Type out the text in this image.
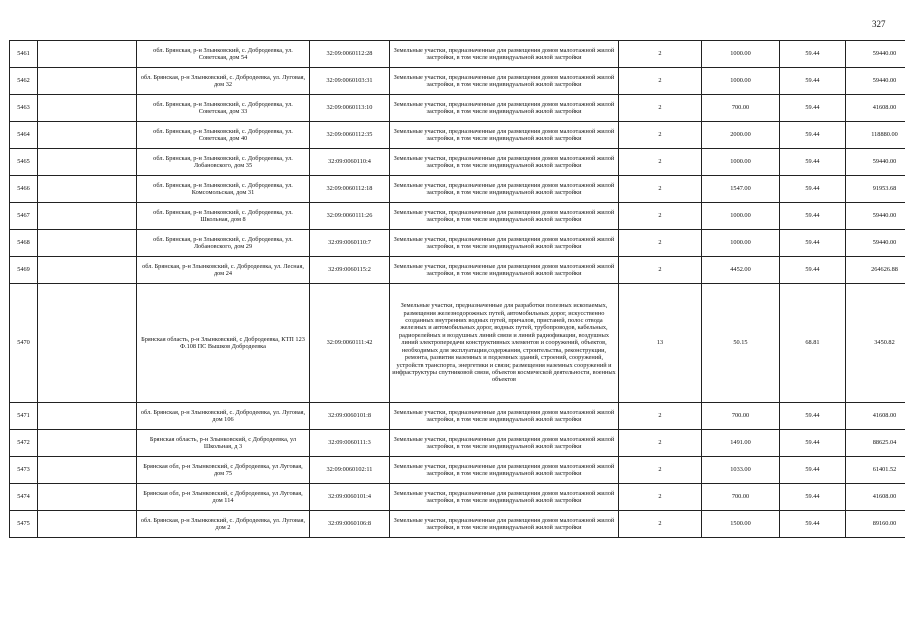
327
5461		обл. Брянская, р-н Злынковский, с. Добродеевка, ул. Советская, дом 54	32:09:0060112:28	Земельные участки, предназначенные для размещения домов малоэтажной жилой застройки, в том числе индивидуальной жилой застройки	2	1000.00	59.44	59440.00
5462		обл. Брянская, р-н Злынковский, с. Добродеевка, ул. Луговая, дом 32	32:09:0060103:31	Земельные участки, предназначенные для размещения домов малоэтажной жилой застройки, в том числе индивидуальной жилой застройки	2	1000.00	59.44	59440.00
5463		обл. Брянская, р-н Злынковский, с. Добродеевка, ул. Советская, дом 33	32:09:0060113:10	Земельные участки, предназначенные для размещения домов малоэтажной жилой застройки, в том числе индивидуальной жилой застройки	2	700.00	59.44	41608.00
5464		обл. Брянская, р-н Злынковский, с. Добродеевка, ул. Советская, дом 40	32:09:0060112:35	Земельные участки, предназначенные для размещения домов малоэтажной жилой застройки, в том числе индивидуальной жилой застройки	2	2000.00	59.44	118880.00
5465		обл. Брянская, р-н Злынковский, с. Добродеевка, ул. Лобановского, дом 35	32:09:0060110:4	Земельные участки, предназначенные для размещения домов малоэтажной жилой застройки, в том числе индивидуальной жилой застройки	2	1000.00	59.44	59440.00
5466		обл. Брянская, р-н Злынковский, с. Добродеевка, ул. Комсомольская, дом 31	32:09:0060112:18	Земельные участки, предназначенные для размещения домов малоэтажной жилой застройки, в том числе индивидуальной жилой застройки	2	1547.00	59.44	91953.68
5467		обл. Брянская, р-н Злынковский, с. Добродеевка, ул. Школьная, дом 8	32:09:0060111:26	Земельные участки, предназначенные для размещения домов малоэтажной жилой застройки, в том числе индивидуальной жилой застройки	2	1000.00	59.44	59440.00
5468		обл. Брянская, р-н Злынковский, с. Добродеевка, ул. Лобановского, дом 29	32:09:0060110:7	Земельные участки, предназначенные для размещения домов малоэтажной жилой застройки, в том числе индивидуальной жилой застройки	2	1000.00	59.44	59440.00
5469		обл. Брянская, р-н Злынковский, с. Добродеевка, ул. Лесная, дом 24	32:09:0060115:2	Земельные участки, предназначенные для размещения домов малоэтажной жилой застройки, в том числе индивидуальной жилой застройки	2	4452.00	59.44	264626.88
5470		Брянская область, р-н Злынковский, с Добродеевка, КТП 123 Ф.108 ПС Вышков Добродеевка	32:09:0060111:42	Земельные участки, предназначенные для разработки полезных ископаемых, размещения железнодорожных путей, автомобильных дорог, искусственно созданных внутренних водных путей, причалов, пристаней, полос отвода железных и автомобильных дорог, водных путей, трубопроводов, кабельных, радиорелейных и воздушных линий связи и линий радиофикации, воздушных линий электропередачи конструктивных элементов и сооружений, объектов, необходимых для эксплуатации,содержания, строительства, реконструкции, ремонта, развития наземных и подземных зданий, строений, сооружений, устройств транспорта, энергетики и связи; размещения наземных сооружений и инфраструктуры спутниковой связи, объектов космической деятельности, военных объектов	13	50.15	68.81	3450.82
5471		обл. Брянская, р-н Злынковский, с. Добродеевка, ул. Луговая, дом 106	32:09:0060101:8	Земельные участки, предназначенные для размещения домов малоэтажной жилой застройки, в том числе индивидуальной жилой застройки	2	700.00	59.44	41608.00
5472		Брянская область, р-н Злынковский, с Добродеевка, ул Школьная, д 3	32:09:0060111:3	Земельные участки, предназначенные для размещения домов малоэтажной жилой застройки, в том числе индивидуальной жилой застройки	2	1491.00	59.44	88625.04
5473		Брянская обл, р-н Злынковский, с Добродеевка, ул Луговая, дом 75	32:09:0060102:11	Земельные участки, предназначенные для размещения домов малоэтажной жилой застройки, в том числе индивидуальной жилой застройки	2	1033.00	59.44	61401.52
5474		Брянская обл, р-н Злынковский, с Добродеевка, ул Луговая, дом 114	32:09:0060101:4	Земельные участки, предназначенные для размещения домов малоэтажной жилой застройки, в том числе индивидуальной жилой застройки	2	700.00	59.44	41608.00
5475		обл. Брянская, р-н Злынковский, с. Добродеевка, ул. Луговая, дом 2	32:09:0060106:8	Земельные участки, предназначенные для размещения домов малоэтажной жилой застройки, в том числе индивидуальной жилой застройки	2	1500.00	59.44	89160.00
